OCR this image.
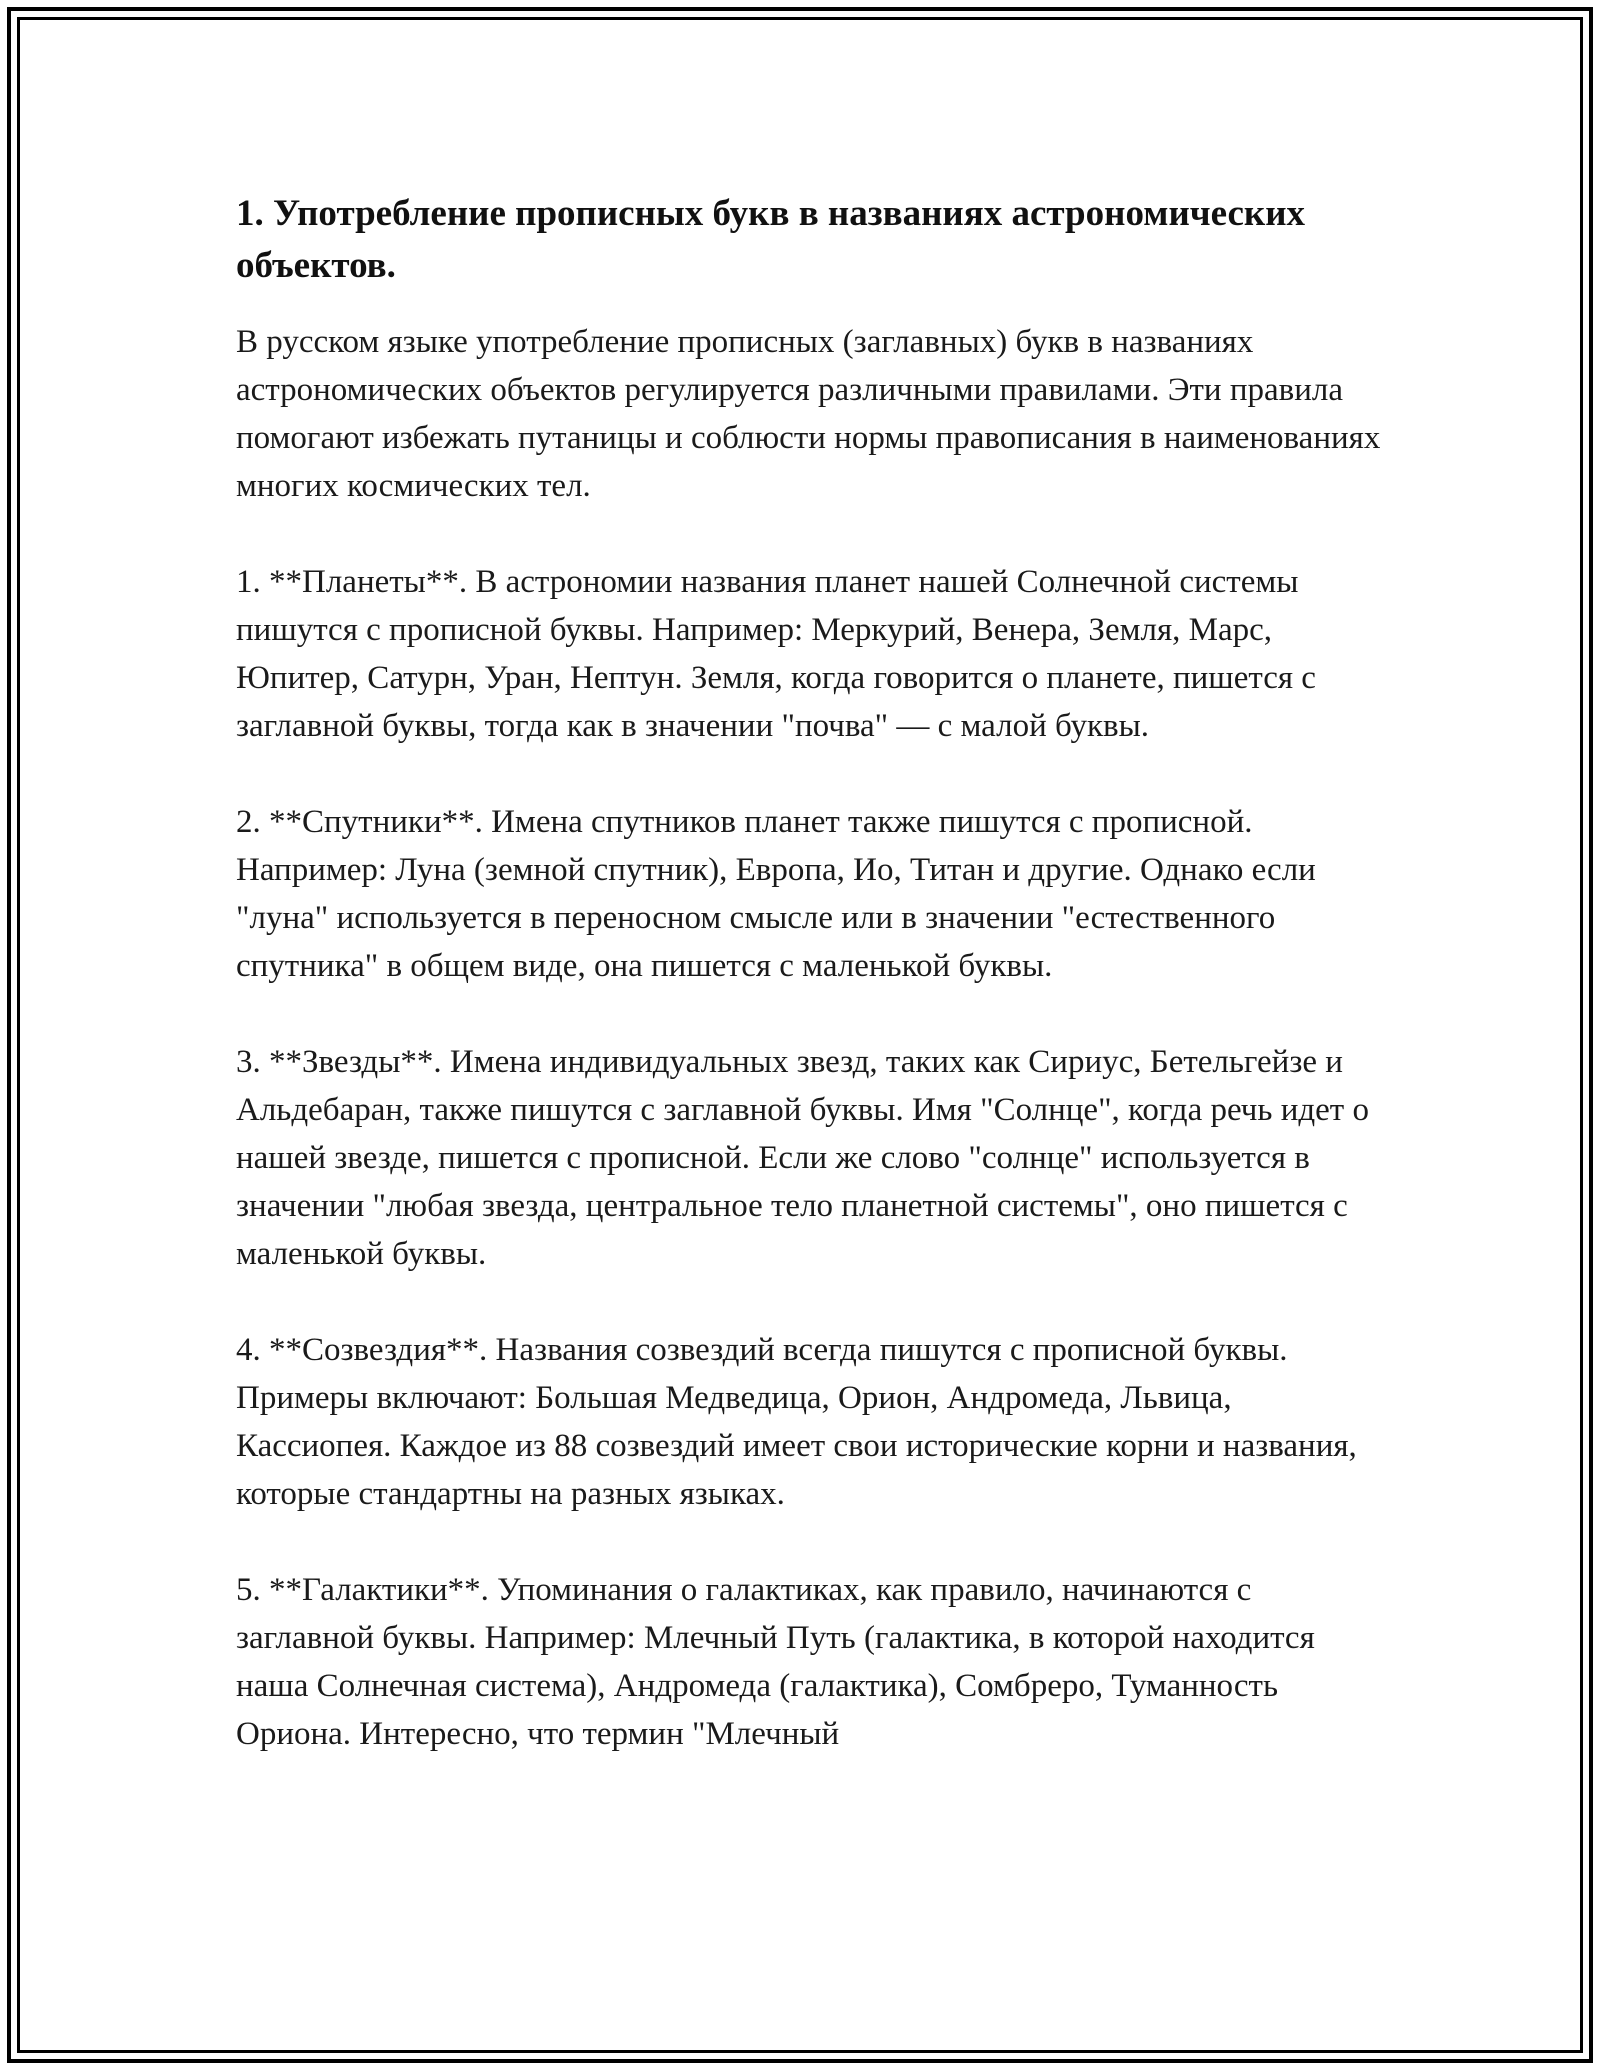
1. Употребление прописных букв в названиях астрономических объектов.

В русском языке употребление прописных (заглавных) букв в названиях астрономических объектов регулируется различными правилами. Эти правила помогают избежать путаницы и соблюсти нормы правописания в наименованиях многих космических тел.

1. **Планеты**. В астрономии названия планет нашей Солнечной системы пишутся с прописной буквы. Например: Меркурий, Венера, Земля, Марс, Юпитер, Сатурн, Уран, Нептун. Земля, когда говорится о планете, пишется с заглавной буквы, тогда как в значении "почва" — с малой буквы.

2. **Спутники**. Имена спутников планет также пишутся с прописной. Например: Луна (земной спутник), Европа, Ио, Титан и другие. Однако если "луна" используется в переносном смысле или в значении "естественного спутника" в общем виде, она пишется с маленькой буквы.

3. **Звезды**. Имена индивидуальных звезд, таких как Сириус, Бетельгейзе и Альдебаран, также пишутся с заглавной буквы. Имя "Солнце", когда речь идет о нашей звезде, пишется с прописной. Если же слово "солнце" используется в значении "любая звезда, центральное тело планетной системы", оно пишется с маленькой буквы.

4. **Созвездия**. Названия созвездий всегда пишутся с прописной буквы. Примеры включают: Большая Медведица, Орион, Андромеда, Львица, Кассиопея. Каждое из 88 созвездий имеет свои исторические корни и названия, которые стандартны на разных языках.

5. **Галактики**. Упоминания о галактиках, как правило, начинаются с заглавной буквы. Например: Млечный Путь (галактика, в которой находится наша Солнечная система), Андромеда (галактика), Сомбреро, Туманность Ориона. Интересно, что термин "Млечный
